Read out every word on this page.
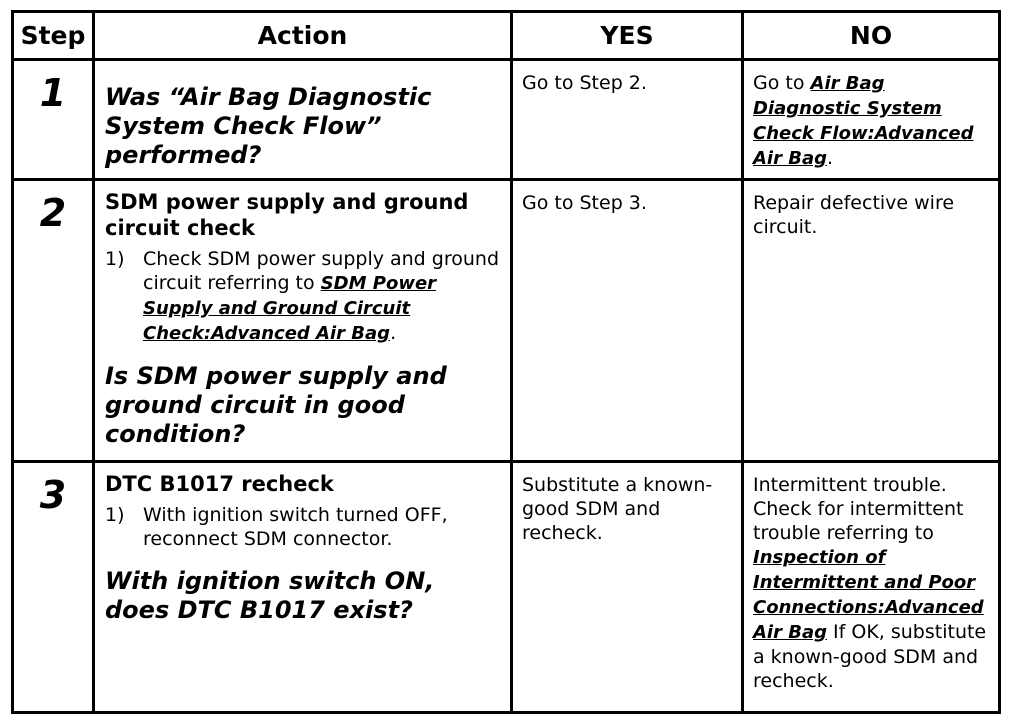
Step	Action	YES	NO
1	Was “Air Bag Diagnostic System Check Flow” performed?	Go to Step 2.	Go to Air Bag Diagnostic System Check Flow:Advanced Air Bag.
2	SDM power supply and ground circuit check

1) Check SDM power supply and ground circuit referring to SDM Power Supply and Ground Circuit Check:Advanced Air Bag.

Is SDM power supply and ground circuit in good condition?	Go to Step 3.	Repair defective wire circuit.
3	DTC B1017 recheck

1) With ignition switch turned OFF, reconnect SDM connector.

With ignition switch ON, does DTC B1017 exist?	Substitute a known-good SDM and recheck.	Intermittent trouble. Check for intermittent trouble referring to Inspection of Intermittent and Poor Connections:Advanced Air Bag If OK, substitute a known-good SDM and recheck.
